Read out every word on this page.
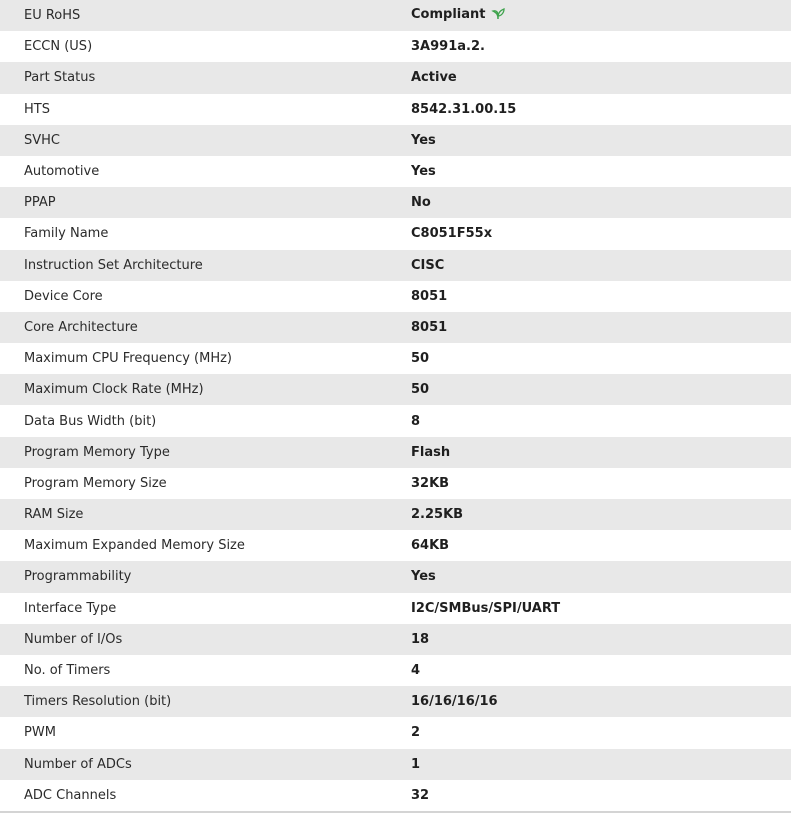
EU RoHS	Compliant
ECCN (US)	3A991a.2.
Part Status	Active
HTS	8542.31.00.15
SVHC	Yes
Automotive	Yes
PPAP	No
Family Name	C8051F55x
Instruction Set Architecture	CISC
Device Core	8051
Core Architecture	8051
Maximum CPU Frequency (MHz)	50
Maximum Clock Rate (MHz)	50
Data Bus Width (bit)	8
Program Memory Type	Flash
Program Memory Size	32KB
RAM Size	2.25KB
Maximum Expanded Memory Size	64KB
Programmability	Yes
Interface Type	I2C/SMBus/SPI/UART
Number of I/Os	18
No. of Timers	4
Timers Resolution (bit)	16/16/16/16
PWM	2
Number of ADCs	1
ADC Channels	32
